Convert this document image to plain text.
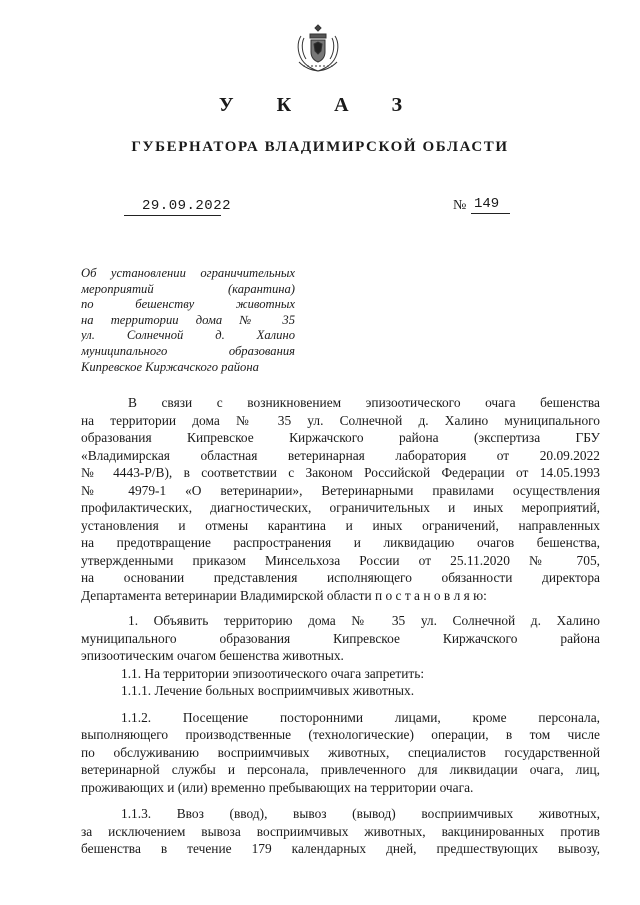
У К А З
ГУБЕРНАТОРА ВЛАДИМИРСКОЙ ОБЛАСТИ
29.09.2022	№ 149
Об установлении ограничительных
мероприятий (карантина)
по бешенству животных
на территории дома № 35
ул. Солнечной д. Халино
муниципального образования
Кипревское Киржачского района
В связи с возникновением эпизоотического очага бешенства
на территории дома № 35 ул. Солнечной д. Халино муниципального
образования Кипревское Киржачского района (экспертиза ГБУ
«Владимирская областная ветеринарная лаборатория от 20.09.2022
№ 4443-Р/В), в соответствии с Законом Российской Федерации от 14.05.1993
№ 4979-1 «О ветеринарии», Ветеринарными правилами осуществления
профилактических, диагностических, ограничительных и иных мероприятий,
установления и отмены карантина и иных ограничений, направленных
на предотвращение распространения и ликвидацию очагов бешенства,
утвержденными приказом Минсельхоза России от 25.11.2020 № 705,
на основании представления исполняющего обязанности директора
Департамента ветеринарии Владимирской области п о с т а н о в л я ю:
1. Объявить территорию дома № 35 ул. Солнечной д. Халино
муниципального образования Кипревское Киржачского района
эпизоотическим очагом бешенства животных.
1.1. На территории эпизоотического очага запретить:
1.1.1. Лечение больных восприимчивых животных.
1.1.2. Посещение посторонними лицами, кроме персонала,
выполняющего производственные (технологические) операции, в том числе
по обслуживанию восприимчивых животных, специалистов государственной
ветеринарной службы и персонала, привлеченного для ликвидации очага, лиц,
проживающих и (или) временно пребывающих на территории очага.
1.1.3. Ввоз (ввод), вывоз (вывод) восприимчивых животных,
за исключением вывоза восприимчивых животных, вакцинированных против
бешенства в течение 179 календарных дней, предшествующих вывозу,
